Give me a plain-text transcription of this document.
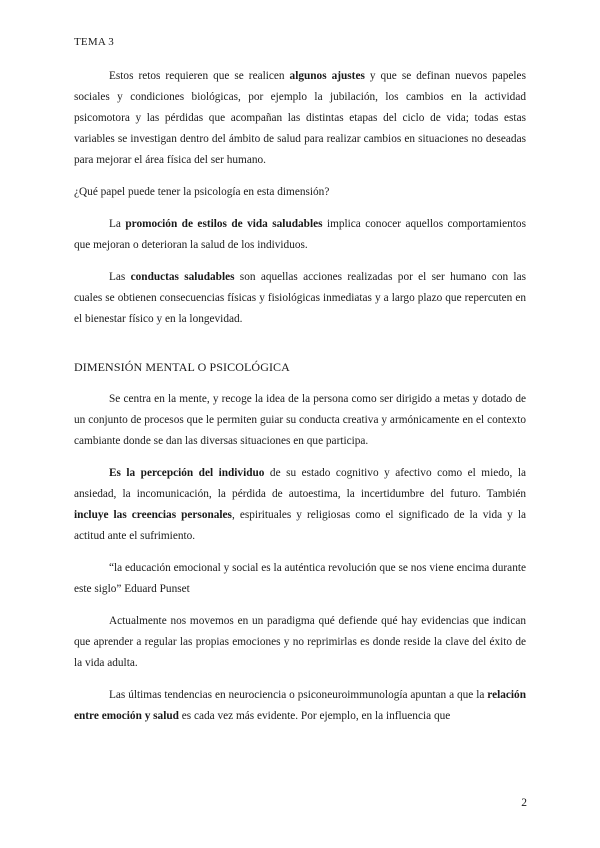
TEMA 3

Estos retos requieren que se realicen algunos ajustes y que se definan nuevos papeles sociales y condiciones biológicas, por ejemplo la jubilación, los cambios en la actividad psicomotora y las pérdidas que acompañan las distintas etapas del ciclo de vida; todas estas variables se investigan dentro del ámbito de salud para realizar cambios en situaciones no deseadas para mejorar el área física del ser humano.

¿Qué papel puede tener la psicología en esta dimensión?

La promoción de estilos de vida saludables implica conocer aquellos comportamientos que mejoran o deterioran la salud de los individuos.

Las conductas saludables son aquellas acciones realizadas por el ser humano con las cuales se obtienen consecuencias físicas y fisiológicas inmediatas y a largo plazo que repercuten en el bienestar físico y en la longevidad.

DIMENSIÓN MENTAL O PSICOLÓGICA

Se centra en la mente, y recoge la idea de la persona como ser dirigido a metas y dotado de un conjunto de procesos que le permiten guiar su conducta creativa y armónicamente en el contexto cambiante donde se dan las diversas situaciones en que participa.

Es la percepción del individuo de su estado cognitivo y afectivo como el miedo, la ansiedad, la incomunicación, la pérdida de autoestima, la incertidumbre del futuro. También incluye las creencias personales, espirituales y religiosas como el significado de la vida y la actitud ante el sufrimiento.

“la educación emocional y social es la auténtica revolución que se nos viene encima durante este siglo” Eduard Punset

Actualmente nos movemos en un paradigma qué defiende qué hay evidencias que indican que aprender a regular las propias emociones y no reprimirlas es donde reside la clave del éxito de la vida adulta.

Las últimas tendencias en neurociencia o psiconeuroimmunología apuntan a que la relación entre emoción y salud es cada vez más evidente. Por ejemplo, en la influencia que

2
